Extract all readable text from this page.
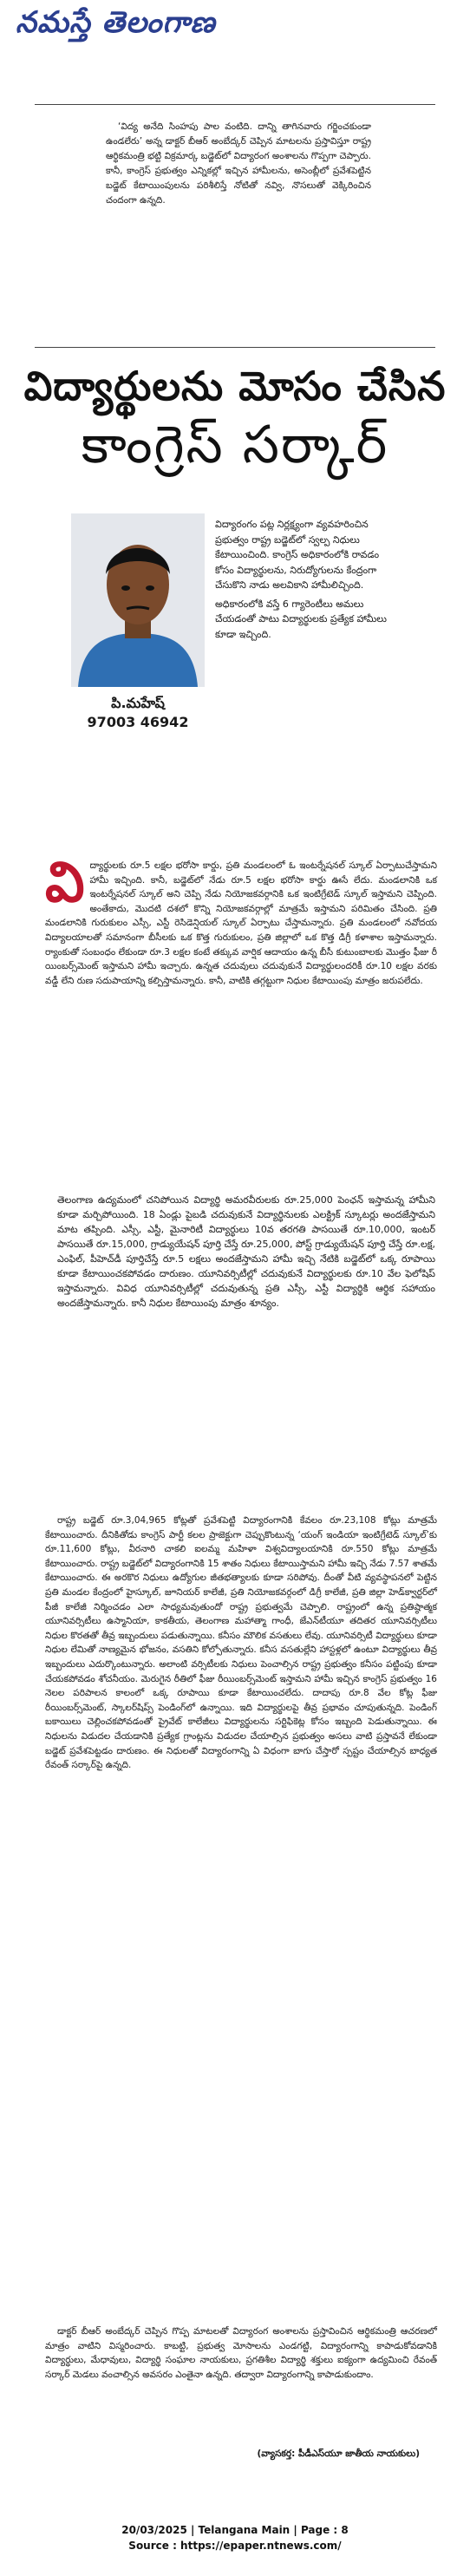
నమస్తే తెలంగాణ

‘విద్య అనేది సింహపు పాల వంటిది. దాన్ని తాగినవారు గర్జించకుండా ఉండలేరు’ అన్న డాక్టర్ బీఆర్ అంబేద్కర్ చెప్పిన మాటలను ప్రస్తావిస్తూ రాష్ట్ర ఆర్థికమంత్రి భట్టి విక్రమార్క బడ్జెట్‌లో విద్యారంగ అంశాలను గొప్పగా చెప్పారు. కానీ, కాంగ్రెస్ ప్రభుత్వం ఎన్నికల్లో ఇచ్చిన హామీలను, అసెంబ్లీలో ప్రవేశపెట్టిన బడ్జెట్ కేటాయింపులను పరిశీలిస్తే నోటితో నవ్వి, నొసలుతో వెక్కిరించిన చందంగా ఉన్నది.

విద్యార్థులను మోసం చేసిన
కాంగ్రెస్ సర్కార్
పి.మహేష్
97003 46942

విద్యారంగం పట్ల నిర్లక్ష్యంగా వ్యవహరించిన ప్రభుత్వం రాష్ట్ర బడ్జెట్‌లో స్వల్ప నిధులు కేటాయించింది. కాంగ్రెస్ అధికారంలోకి రావడం కోసం విద్యార్థులను, నిరుద్యోగులను కేంద్రంగా చేసుకొని నాడు అలవికాని హామీలిచ్చింది.

అధికారంలోకి వస్తే 6 గ్యారెంటీలు అమలు చేయడంతో పాటు విద్యార్థులకు ప్రత్యేక హామీలు కూడా ఇచ్చింది.

వి ద్యార్థులకు రూ.5 లక్షల భరోసా కార్డు, ప్రతి మండలంలో ఓ ఇంటర్నేషనల్ స్కూల్ ఏర్పాటుచేస్తామని హామీ ఇచ్చింది. కానీ, బడ్జెట్‌లో నేడు రూ.5 లక్షల భరోసా కార్డు ఊసే లేదు. మండలానికి ఒక ఇంటర్నేషనల్ స్కూల్ అని చెప్పి నేడు నియోజకవర్గానికి ఒక ఇంటిగ్రేటెడ్ స్కూల్ ఇస్తామని చెప్పింది. అంతేకాదు, మొదటి దశలో కొన్ని నియోజకవర్గాల్లో మాత్రమే ఇస్తామని పరిమితం చేసింది. ప్రతి మండలానికి గురుకులం ఎస్సీ, ఎస్టీ రెసిడెన్షియల్ స్కూల్ ఏర్పాటు చేస్తామన్నారు. ప్రతి మండలంలో నవోదయ విద్యాలయాలతో సమానంగా బీసీలకు ఒక కొత్త గురుకులం, ప్రతి జిల్లాలో ఒక కొత్త డిగ్రీ కళాశాల ఇస్తామన్నారు. ర్యాంకుతో సంబంధం లేకుండా రూ.3 లక్షల కంటే తక్కువ వార్షిక ఆదాయం ఉన్న బీసీ కుటుంబాలకు మొత్తం ఫీజు రీ యింబర్స్‌మెంట్ ఇస్తామని హామీ ఇచ్చారు. ఉన్నత చదువులు చదువుకునే విద్యార్థులందరికీ రూ.10 లక్షల వరకు వడ్డీ లేని రుణ సదుపాయాన్ని కల్పిస్తామన్నారు. కానీ, వాటికి తగ్గట్టుగా నిధుల కేటాయింపు మాత్రం జరుపలేదు.

తెలంగాణ ఉద్యమంలో చనిపోయిన విద్యార్థి అమరవీరులకు రూ.25,000 పెంఛన్ ఇస్తామన్న హామీని కూడా మర్చిపోయింది. 18 ఏండ్లు పైబడి చదువుకునే విద్యార్థినులకు ఎలక్ట్రిక్ స్కూటర్లు అందజేస్తామని మాట తప్పింది. ఎస్సీ, ఎస్టీ, మైనారిటీ విద్యార్థులు 10వ తరగతి పాసయితే రూ.10,000, ఇంటర్ పాసయితే రూ.15,000, గ్రాడ్యుయేషన్ పూర్తి చేస్తే రూ.25,000, పోస్ట్ గ్రాడ్యుయేషన్ పూర్తి చేస్తే రూ.లక్ష, ఎంఫిల్, పీహెచ్‌డీ పూర్తిచేస్తే రూ.5 లక్షలు అందజేస్తామని హామీ ఇచ్చి నేటికి బడ్జెట్‌లో ఒక్క రూపాయి కూడా కేటాయించకపోవడం దారుణం. యూనివర్సిటీల్లో చదువుకునే విద్యార్థులకు రూ.10 వేల ఫెలోషిప్ ఇస్తామన్నారు. వివిధ యూనివర్సిటీల్లో చదువుతున్న ప్రతి ఎస్సీ, ఎస్టీ విద్యార్థికి ఆర్థిక సహాయం అందజేస్తామన్నారు. కానీ నిధుల కేటాయింపు మాత్రం శూన్యం.

రాష్ట్ర బడ్జెట్ రూ.3,04,965 కోట్లతో ప్రవేశపెట్టి విద్యారంగానికి కేవలం రూ.23,108 కోట్లు మాత్రమే కేటాయించారు. దీనికితోడు కాంగ్రెస్ పార్టీ కలల ప్రాజెక్టుగా చెప్పుకొంటున్న ‘యంగ్ ఇండియా ఇంటిగ్రేటెడ్ స్కూల్’కు రూ.11,600 కోట్లు, వీరనారి చాకలి ఐలమ్మ మహిళా విశ్వవిద్యాలయానికి రూ.550 కోట్లు మాత్రమే కేటాయించారు. రాష్ట్ర బడ్జెట్‌లో విద్యారంగానికి 15 శాతం నిధులు కేటాయిస్తామని హామీ ఇచ్చి నేడు 7.57 శాతమే కేటాయించారు. ఈ అరకొర నిధులు ఉద్యోగుల జీతభత్యాలకు కూడా సరిపోవు. దీంతో వీటి వ్యవస్థాపనలో పెట్టిన ప్రతి మండల కేంద్రంలో హైస్కూల్, జూనియర్ కాలేజీ, ప్రతి నియోజకవర్గంలో డిగ్రీ కాలేజీ, ప్రతి జిల్లా హెడ్‌క్వార్టర్‌లో పీజీ కాలేజీ నిర్మించడం ఎలా సాధ్యమవుతుందో రాష్ట్ర ప్రభుత్వమే చెప్పాలి. రాష్ట్రంలో ఉన్న ప్రతిష్ఠాత్మక యూనివర్సిటీలు ఉస్మానియా, కాకతీయ, తెలంగాణ మహాత్మా గాంధీ, జేఎన్‌టీయూ తదితర యూనివర్సిటీలు నిధుల కొరతతో తీవ్ర ఇబ్బందులు పడుతున్నాయి. కనీసం మౌలిక వసతులు లేవు. యూనివర్సిటీ విద్యార్థులు కూడా నిధుల లేమితో నాణ్యమైన భోజనం, వసతిని కోల్పోతున్నారు. కనీస వసతుల్లేని హాస్టళ్లలో ఉంటూ విద్యార్థులు తీవ్ర ఇబ్బందులు ఎదుర్కొంటున్నారు. అలాంటి వర్సిటీలకు నిధులు పెంచాల్సిన రాష్ట్ర ప్రభుత్వం కనీసం పట్టింపు కూడా చేయకపోవడం శోచనీయం. మెరుగైన రీతిలో ఫీజు రీయింబర్స్‌మెంట్ ఇస్తామని హామీ ఇచ్చిన కాంగ్రెస్ ప్రభుత్వం 16 నెలల పరిపాలన కాలంలో ఒక్క రూపాయి కూడా కేటాయించలేదు. దాదాపు రూ.8 వేల కోట్ల ఫీజు రీయింబర్స్‌మెంట్, స్కాలర్‌షిప్స్ పెండింగ్‌లో ఉన్నాయి. ఇది విద్యార్థులపై తీవ్ర ప్రభావం చూపుతున్నది. పెండింగ్ బకాయిలు చెల్లించకపోవడంతో ప్రైవేట్ కాలేజీలు విద్యార్థులను సర్టిఫికెట్ల కోసం ఇబ్బంది పెడుతున్నాయి. ఈ నిధులను విడుదల చేయడానికి ప్రత్యేక గ్రాంట్లను విడుదల చేయాల్సిన ప్రభుత్వం అసలు వాటి ప్రస్తావనే లేకుండా బడ్జెట్ ప్రవేశపెట్టడం దారుణం. ఈ నిధులతో విద్యారంగాన్ని ఏ విధంగా బాగు చేస్తారో స్పష్టం చేయాల్సిన బాధ్యత రేవంత్ సర్కార్‌పై ఉన్నది.

డాక్టర్ బీఆర్ అంబేద్కర్ చెప్పిన గొప్ప మాటలతో విద్యారంగ అంశాలను ప్రస్తావించిన ఆర్థికమంత్రి ఆచరణలో మాత్రం వాటిని విస్మరించారు. కాబట్టి, ప్రభుత్వ మోసాలను ఎండగట్టి, విద్యారంగాన్ని కాపాడుకోవడానికి విద్యార్థులు, మేధావులు, విద్యార్థి సంఘాల నాయకులు, ప్రగతిశీల విద్యార్థి శక్తులు ఐక్యంగా ఉద్యమించి రేవంత్ సర్కార్ మెడలు వంచాల్సిన అవసరం ఎంతైనా ఉన్నది. తద్వారా విద్యారంగాన్ని కాపాడుకుందాం.

(వ్యాసకర్త: పీడీఎస్‌యూ జాతీయ నాయకులు)
20/03/2025 | Telangana Main | Page : 8
Source : https://epaper.ntnews.com/
